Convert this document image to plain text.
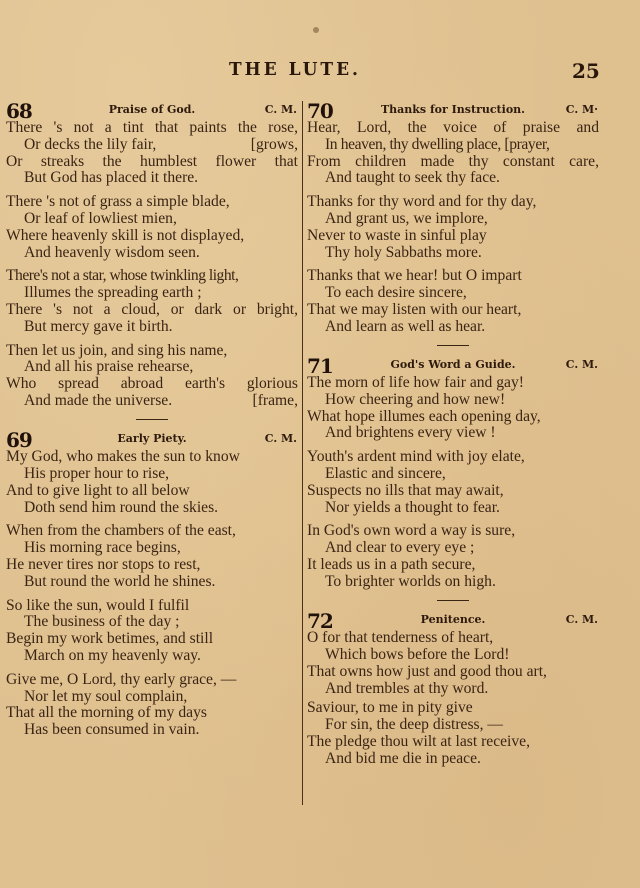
THE LUTE.	25
68	Praise of God.	C. M.
There 's not a tint that paints the rose,
Or decks the lily fair,	[grows,
Or streaks the humblest flower that
But God has placed it there.
There 's not of grass a simple blade,
Or leaf of lowliest mien,
Where heavenly skill is not displayed,
And heavenly wisdom seen.
There's not a star, whose twinkling light,
Illumes the spreading earth ;
There 's not a cloud, or dark or bright,
But mercy gave it birth.
Then let us join, and sing his name,
And all his praise rehearse,
Who spread abroad earth's glorious
And made the universe.	[frame,
69	Early Piety.	C. M.
My God, who makes the sun to know
His proper hour to rise,
And to give light to all below
Doth send him round the skies.
When from the chambers of the east,
His morning race begins,
He never tires nor stops to rest,
But round the world he shines.
So like the sun, would I fulfil
The business of the day ;
Begin my work betimes, and still
March on my heavenly way.
Give me, O Lord, thy early grace, —
Nor let my soul complain,
That all the morning of my days
Has been consumed in vain.
70	Thanks for Instruction.	C. M·
Hear, Lord, the voice of praise and
In heaven, thy dwelling place, [prayer,
From children made thy constant care,
And taught to seek thy face.
Thanks for thy word and for thy day,
And grant us, we implore,
Never to waste in sinful play
Thy holy Sabbaths more.
Thanks that we hear! but O impart
To each desire sincere,
That we may listen with our heart,
And learn as well as hear.
71	God's Word a Guide.	C. M.
The morn of life how fair and gay!
How cheering and how new!
What hope illumes each opening day,
And brightens every view !
Youth's ardent mind with joy elate,
Elastic and sincere,
Suspects no ills that may await,
Nor yields a thought to fear.
In God's own word a way is sure,
And clear to every eye ;
It leads us in a path secure,
To brighter worlds on high.
72	Penitence.	C. M.
O for that tenderness of heart,
Which bows before the Lord!
That owns how just and good thou art,
And trembles at thy word.
Saviour, to me in pity give
For sin, the deep distress, —
The pledge thou wilt at last receive,
And bid me die in peace.
